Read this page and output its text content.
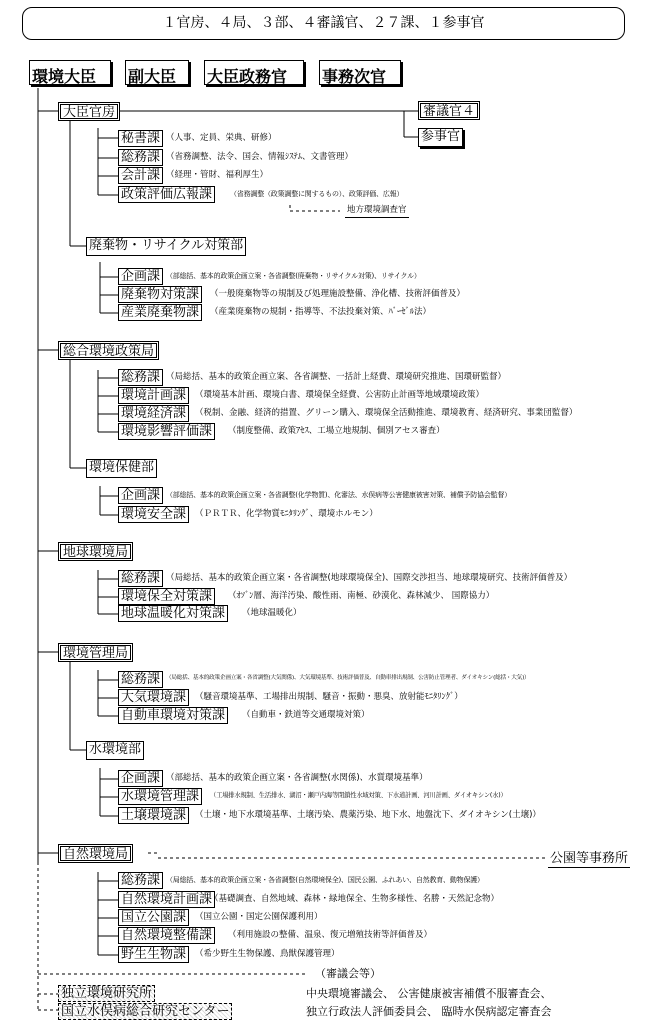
１官房、４局、３部、４審議官、２７課、１参事官
環境大臣	副大臣	大臣政務官	事務次官
大臣官房	審議官４
参事官
秘書課 （人事、定員、栄典、研修）
総務課 （省務調整、法令、国会、情報ｼｽﾃﾑ、文書管理）
会計課 （経理・管財、福利厚生）
政策評価広報課	（省務調整（政策調整に関するもの）、政策評価、広報）
地方環境調査官
廃棄物・リサイクル対策部
企画課 （部総括、基本的政策企画立案・各省調整(廃棄物・リサイクル対策)、リサイクル）
廃棄物対策課	（一般廃棄物等の規制及び処理施設整備、浄化槽、技術評価普及）
産業廃棄物課	（産業廃棄物の規制・指導等、不法投棄対策、ﾊﾞｰｾﾞﾙ法）
総合環境政策局
総務課 （局総括、基本的政策企画立案、各省調整、一括計上経費、環境研究推進、国環研監督）
環境計画課	（環境基本計画、環境白書、環境保全経費、公害防止計画等地域環境政策）
環境経済課	（税制、金融、経済的措置、グリーン購入、環境保全活動推進、環境教育、経済研究、事業団監督）
環境影響評価課	（制度整備、政策ｱｾｽ、工場立地規制、個別アセス審査）
環境保健部
企画課 （部総括、基本的政策企画立案・各省調整(化学物質)、化審法、水俣病等公害健康被害対策、補償予防協会監督）
環境安全課	（ＰＲＴＲ、化学物質ﾓﾆﾀﾘﾝｸﾞ、環境ホルモン）
地球環境局
総務課 （局総括、基本的政策企画立案・各省調整(地球環境保全)、国際交渉担当、地球環境研究、技術評価普及）
環境保全対策課	（ｵｿﾞﾝ層、海洋汚染、酸性雨、南極、砂漠化、森林減少、 国際協力）
地球温暖化対策課	（地球温暖化）
環境管理局
総務課	（局総括、基本的政策企画立案・各省調整(大気関係)、大気環境基準、技術評価普及、自動車排出規制、公害防止管理者、ダイオキシン(総括・大気)）
大気環境課	（騒音環境基準、工場排出規制、騒音・振動・悪臭、放射能ﾓﾆﾀﾘﾝｸﾞ）
自動車環境対策課	（自動車・鉄道等交通環境対策）
水環境部
企画課 （部総括、基本的政策企画立案・各省調整(水関係)、水質環境基準）
水環境管理課	（工場排水規制、生活排水、湖沼・瀬戸内海等閉鎖性水域対策、下水道計画、河川計画、ダイオキシン(水)）
土壌環境課	（土壌・地下水環境基準、土壌汚染、農薬汚染、地下水、地盤沈下、ダイオキシン(土壌)）
自然環境局	公園等事務所
総務課 （局総括、基本的政策企画立案・各省調整(自然環境保全)、国民公園、ふれあい、自然教育、動物保護）
自然環境計画課
（基礎調査、自然地域、森林・緑地保全、生物多様性、名勝・天然記念物）
国立公園課	（国立公園・国定公園保護利用）
自然環境整備課	（利用施設の整備、温泉、復元増殖技術等評価普及）
野生生物課	（希少野生生物保護、鳥獣保護管理）
（審議会等）
中央環境審議会、 公害健康被害補償不服審査会、
独立行政法人評価委員会、 臨時水俣病認定審査会
独立環境研究所
国立水俣病総合研究センター
